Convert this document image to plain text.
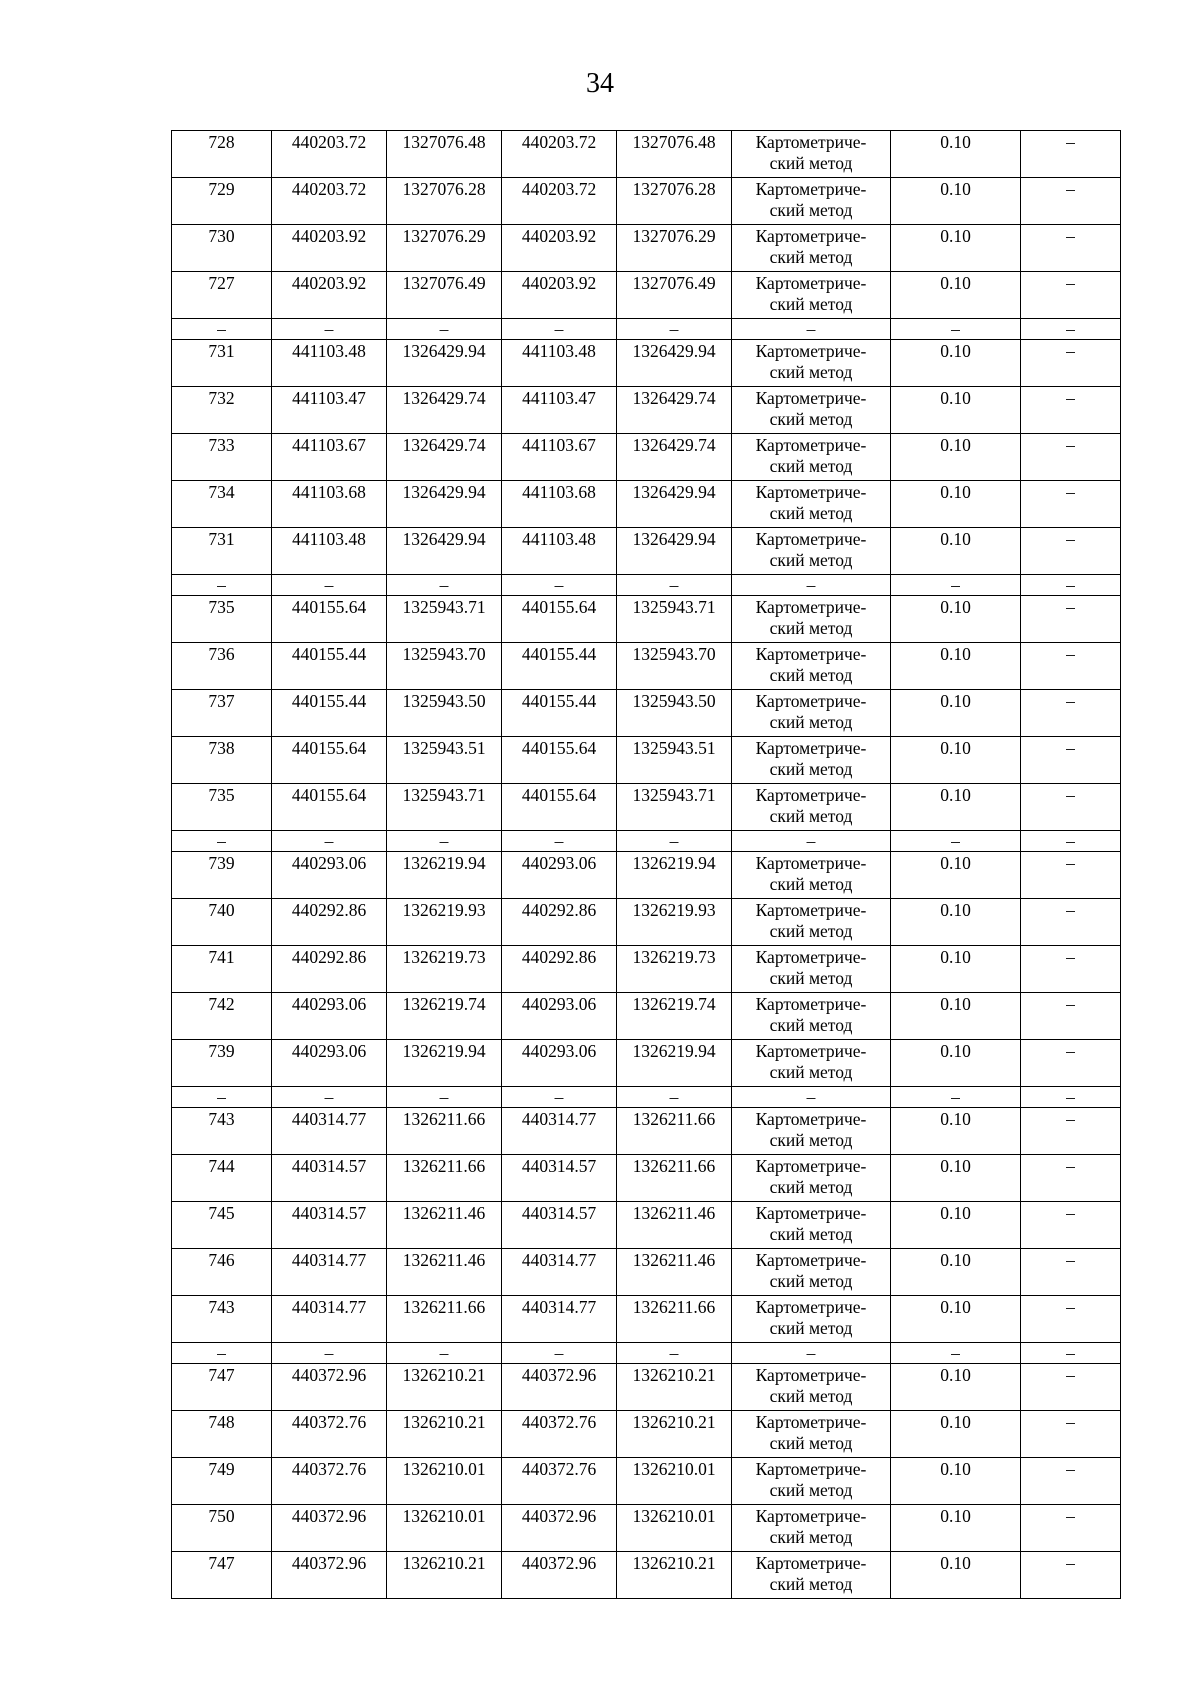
34
728	440203.72	1327076.48	440203.72	1327076.48	Картометриче-
ский метод	0.10	–
729	440203.72	1327076.28	440203.72	1327076.28	Картометриче-
ский метод	0.10	–
730	440203.92	1327076.29	440203.92	1327076.29	Картометриче-
ский метод	0.10	–
727	440203.92	1327076.49	440203.92	1327076.49	Картометриче-
ский метод	0.10	–
–	–	–	–	–	–	–	–
731	441103.48	1326429.94	441103.48	1326429.94	Картометриче-
ский метод	0.10	–
732	441103.47	1326429.74	441103.47	1326429.74	Картометриче-
ский метод	0.10	–
733	441103.67	1326429.74	441103.67	1326429.74	Картометриче-
ский метод	0.10	–
734	441103.68	1326429.94	441103.68	1326429.94	Картометриче-
ский метод	0.10	–
731	441103.48	1326429.94	441103.48	1326429.94	Картометриче-
ский метод	0.10	–
–	–	–	–	–	–	–	–
735	440155.64	1325943.71	440155.64	1325943.71	Картометриче-
ский метод	0.10	–
736	440155.44	1325943.70	440155.44	1325943.70	Картометриче-
ский метод	0.10	–
737	440155.44	1325943.50	440155.44	1325943.50	Картометриче-
ский метод	0.10	–
738	440155.64	1325943.51	440155.64	1325943.51	Картометриче-
ский метод	0.10	–
735	440155.64	1325943.71	440155.64	1325943.71	Картометриче-
ский метод	0.10	–
–	–	–	–	–	–	–	–
739	440293.06	1326219.94	440293.06	1326219.94	Картометриче-
ский метод	0.10	–
740	440292.86	1326219.93	440292.86	1326219.93	Картометриче-
ский метод	0.10	–
741	440292.86	1326219.73	440292.86	1326219.73	Картометриче-
ский метод	0.10	–
742	440293.06	1326219.74	440293.06	1326219.74	Картометриче-
ский метод	0.10	–
739	440293.06	1326219.94	440293.06	1326219.94	Картометриче-
ский метод	0.10	–
–	–	–	–	–	–	–	–
743	440314.77	1326211.66	440314.77	1326211.66	Картометриче-
ский метод	0.10	–
744	440314.57	1326211.66	440314.57	1326211.66	Картометриче-
ский метод	0.10	–
745	440314.57	1326211.46	440314.57	1326211.46	Картометриче-
ский метод	0.10	–
746	440314.77	1326211.46	440314.77	1326211.46	Картометриче-
ский метод	0.10	–
743	440314.77	1326211.66	440314.77	1326211.66	Картометриче-
ский метод	0.10	–
–	–	–	–	–	–	–	–
747	440372.96	1326210.21	440372.96	1326210.21	Картометриче-
ский метод	0.10	–
748	440372.76	1326210.21	440372.76	1326210.21	Картометриче-
ский метод	0.10	–
749	440372.76	1326210.01	440372.76	1326210.01	Картометриче-
ский метод	0.10	–
750	440372.96	1326210.01	440372.96	1326210.01	Картометриче-
ский метод	0.10	–
747	440372.96	1326210.21	440372.96	1326210.21	Картометриче-
ский метод	0.10	–
